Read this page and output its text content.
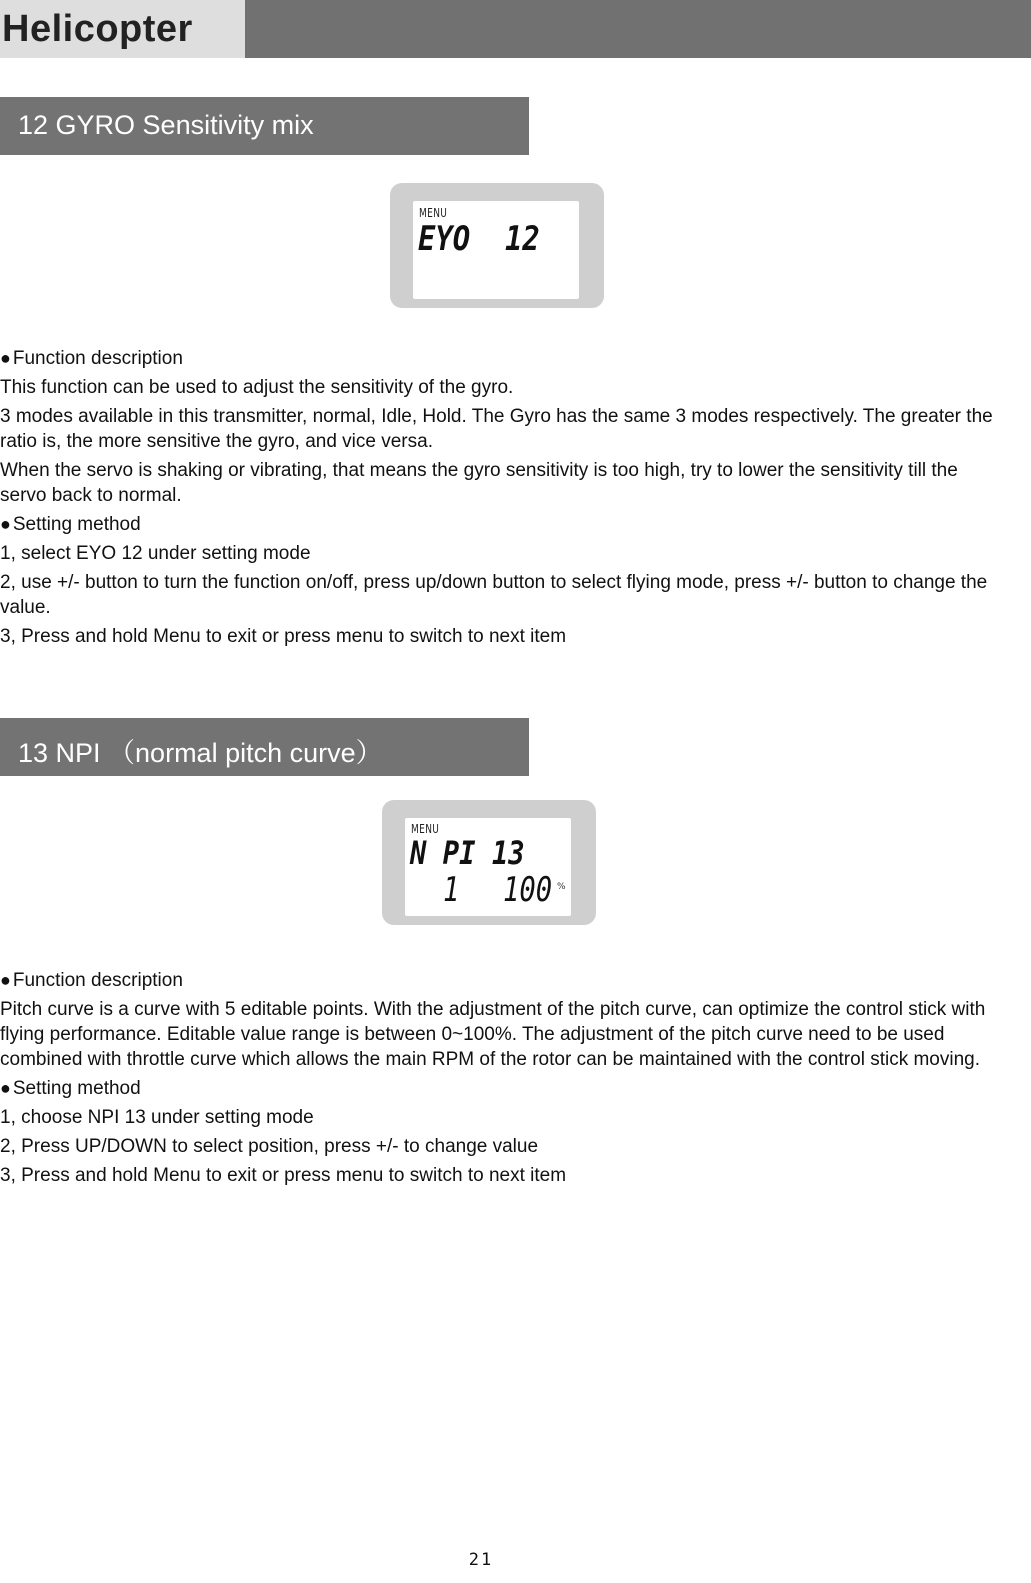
Helicopter
12 GYRO Sensitivity mix
MENU
EYO  12

● Function description

This function can be used to adjust the sensitivity of the gyro.

3 modes available in this transmitter, normal, Idle, Hold. The Gyro has the same 3 modes respectively. The greater the ratio is, the more sensitive the gyro, and vice versa.

When the servo is shaking or vibrating, that means the gyro sensitivity is too high, try to lower the sensitivity till the servo back to normal.

● Setting method

1, select EYO 12 under setting mode

2, use +/- button to turn the function on/off, press up/down button to select flying mode, press +/- button to change the value.

3, Press and hold Menu to exit or press menu to switch to next item

13 NPI （normal pitch curve）
MENU
N PI 13
1 100 %

● Function description

Pitch curve is a curve with 5 editable points. With the adjustment of the pitch curve, can optimize the control stick with flying performance. Editable value range is between 0~100%. The adjustment of the pitch curve need to be used combined with throttle curve which allows the main RPM of the rotor can be maintained with the control stick moving.

● Setting method

1, choose NPI 13 under setting mode

2, Press UP/DOWN to select position, press +/- to change value

3, Press and hold Menu to exit or press menu to switch to next item

21
